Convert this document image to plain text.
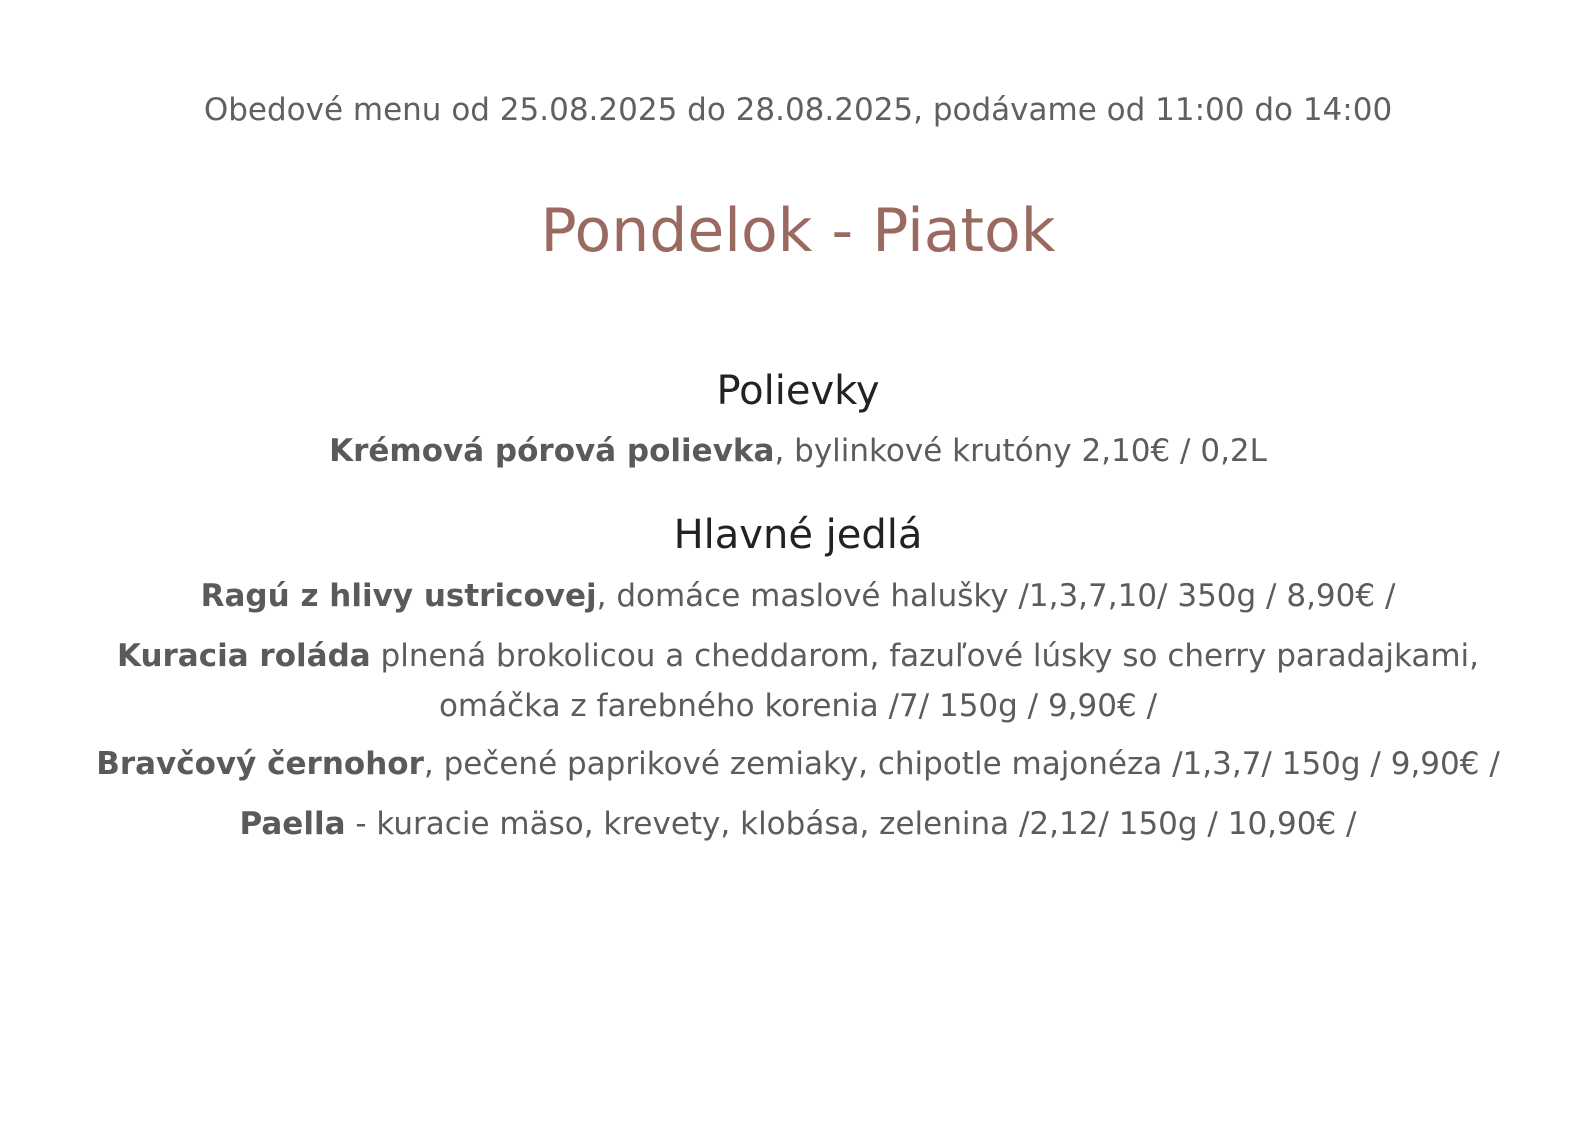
Obedové menu od 25.08.2025 do 28.08.2025, podávame od 11:00 do 14:00
Pondelok - Piatok
Polievky
Krémová pórová polievka, bylinkové krutóny 2,10€ / 0,2L
Hlavné jedlá
Ragú z hlivy ustricovej, domáce maslové halušky /1,3,7,10/ 350g / 8,90€ /
Kuracia roláda plnená brokolicou a cheddarom, fazuľové lúsky so cherry paradajkami,
omáčka z farebného korenia /7/ 150g / 9,90€ /
Bravčový černohor, pečené paprikové zemiaky, chipotle majonéza /1,3,7/ 150g / 9,90€ /
Paella - kuracie mäso, krevety, klobása, zelenina /2,12/ 150g / 10,90€ /
